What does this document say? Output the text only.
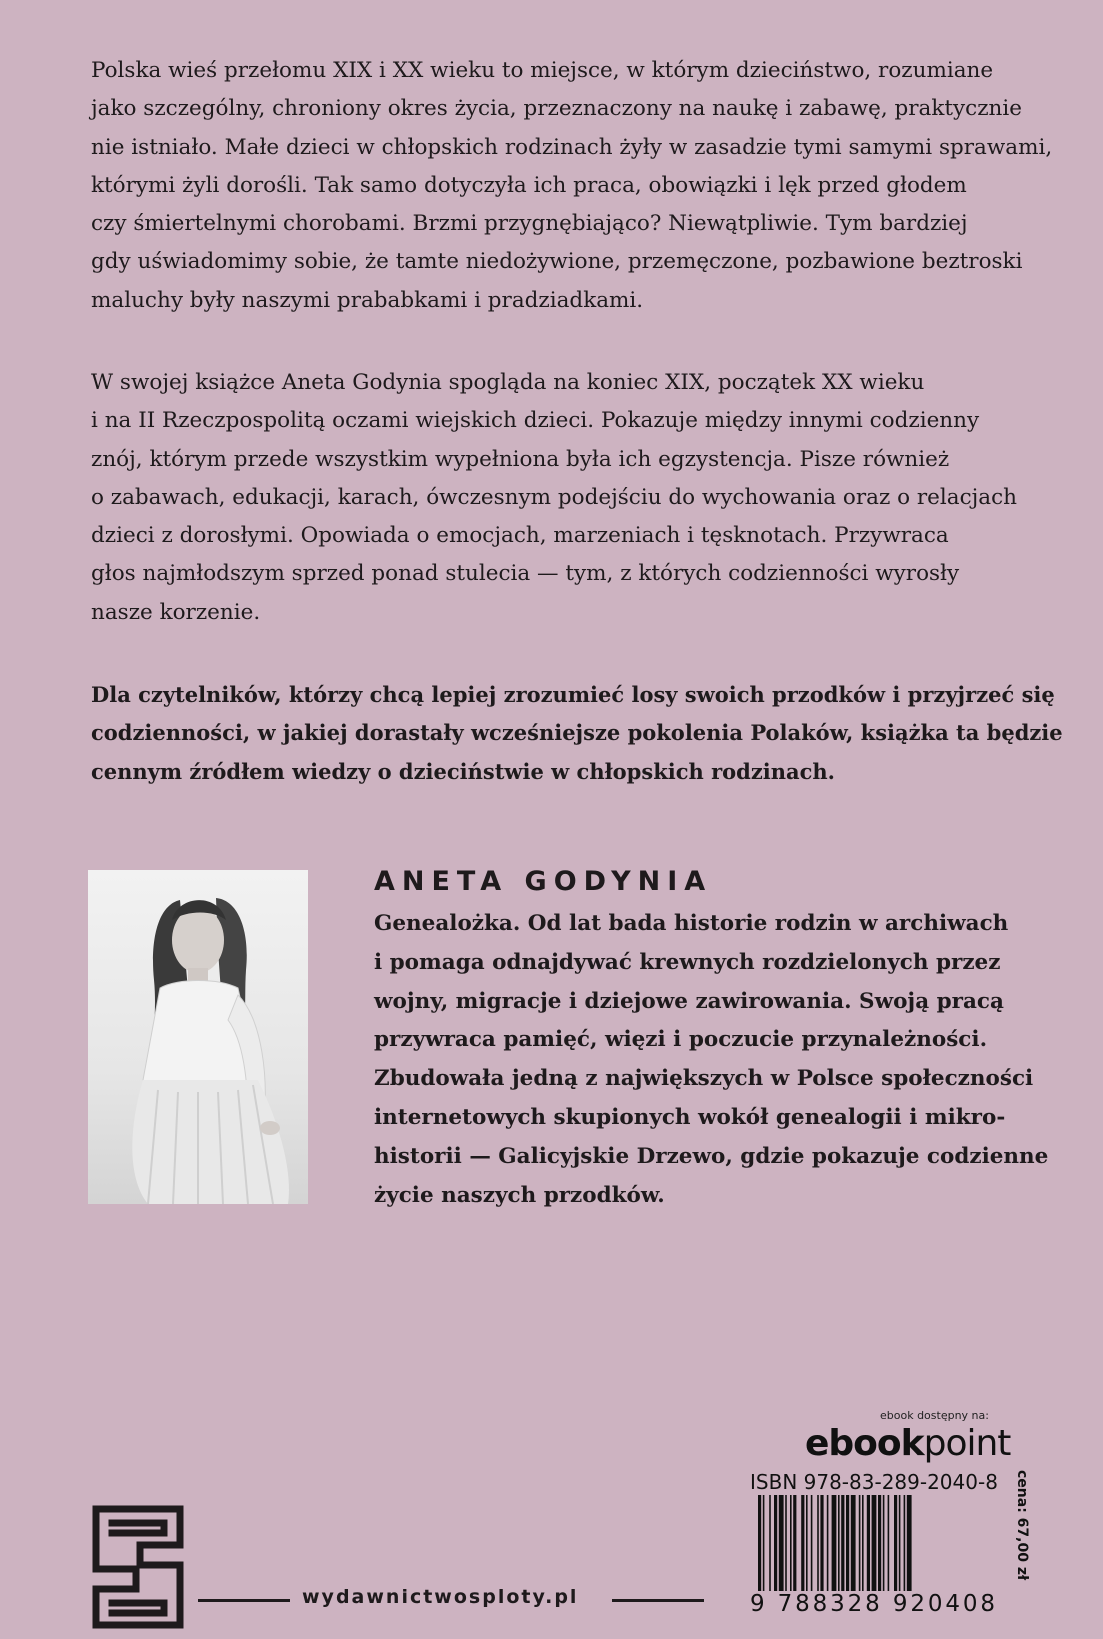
Polska wieś przełomu XIX i XX wieku to miejsce, w którym dzieciństwo, rozumiane
jako szczególny, chroniony okres życia, przeznaczony na naukę i zabawę, praktycznie
nie istniało. Małe dzieci w chłopskich rodzinach żyły w zasadzie tymi samymi sprawami,
którymi żyli dorośli. Tak samo dotyczyła ich praca, obowiązki i lęk przed głodem
czy śmiertelnymi chorobami. Brzmi przygnębiająco? Niewątpliwie. Tym bardziej
gdy uświadomimy sobie, że tamte niedożywione, przemęczone, pozbawione beztroski
maluchy były naszymi prababkami i pradziadkami.
W swojej książce Aneta Godynia spogląda na koniec XIX, początek XX wieku
i na II Rzeczpospolitą oczami wiejskich dzieci. Pokazuje między innymi codzienny
znój, którym przede wszystkim wypełniona była ich egzystencja. Pisze również
o zabawach, edukacji, karach, ówczesnym podejściu do wychowania oraz o relacjach
dzieci z dorosłymi. Opowiada o emocjach, marzeniach i tęsknotach. Przywraca
głos najmłodszym sprzed ponad stulecia — tym, z których codzienności wyrosły
nasze korzenie.
Dla czytelników, którzy chcą lepiej zrozumieć losy swoich przodków i przyjrzeć się
codzienności, w jakiej dorastały wcześniejsze pokolenia Polaków, książka ta będzie
cennym źródłem wiedzy o dzieciństwie w chłopskich rodzinach.
ANETA GODYNIA
Genealożka. Od lat bada historie rodzin w archiwach
i pomaga odnajdywać krewnych rozdzielonych przez
wojny, migracje i dziejowe zawirowania. Swoją pracą
przywraca pamięć, więzi i poczucie przynależności.
Zbudowała jedną z największych w Polsce społeczności
internetowych skupionych wokół genealogii i mikro-
historii — Galicyjskie Drzewo, gdzie pokazuje codzienne
życie naszych przodków.
ebook dostępny na:
ebookpoint
ISBN 978-83-289-2040-8
9 788328 920408
cena: 67,00 zł
wydawnictwosploty.pl
